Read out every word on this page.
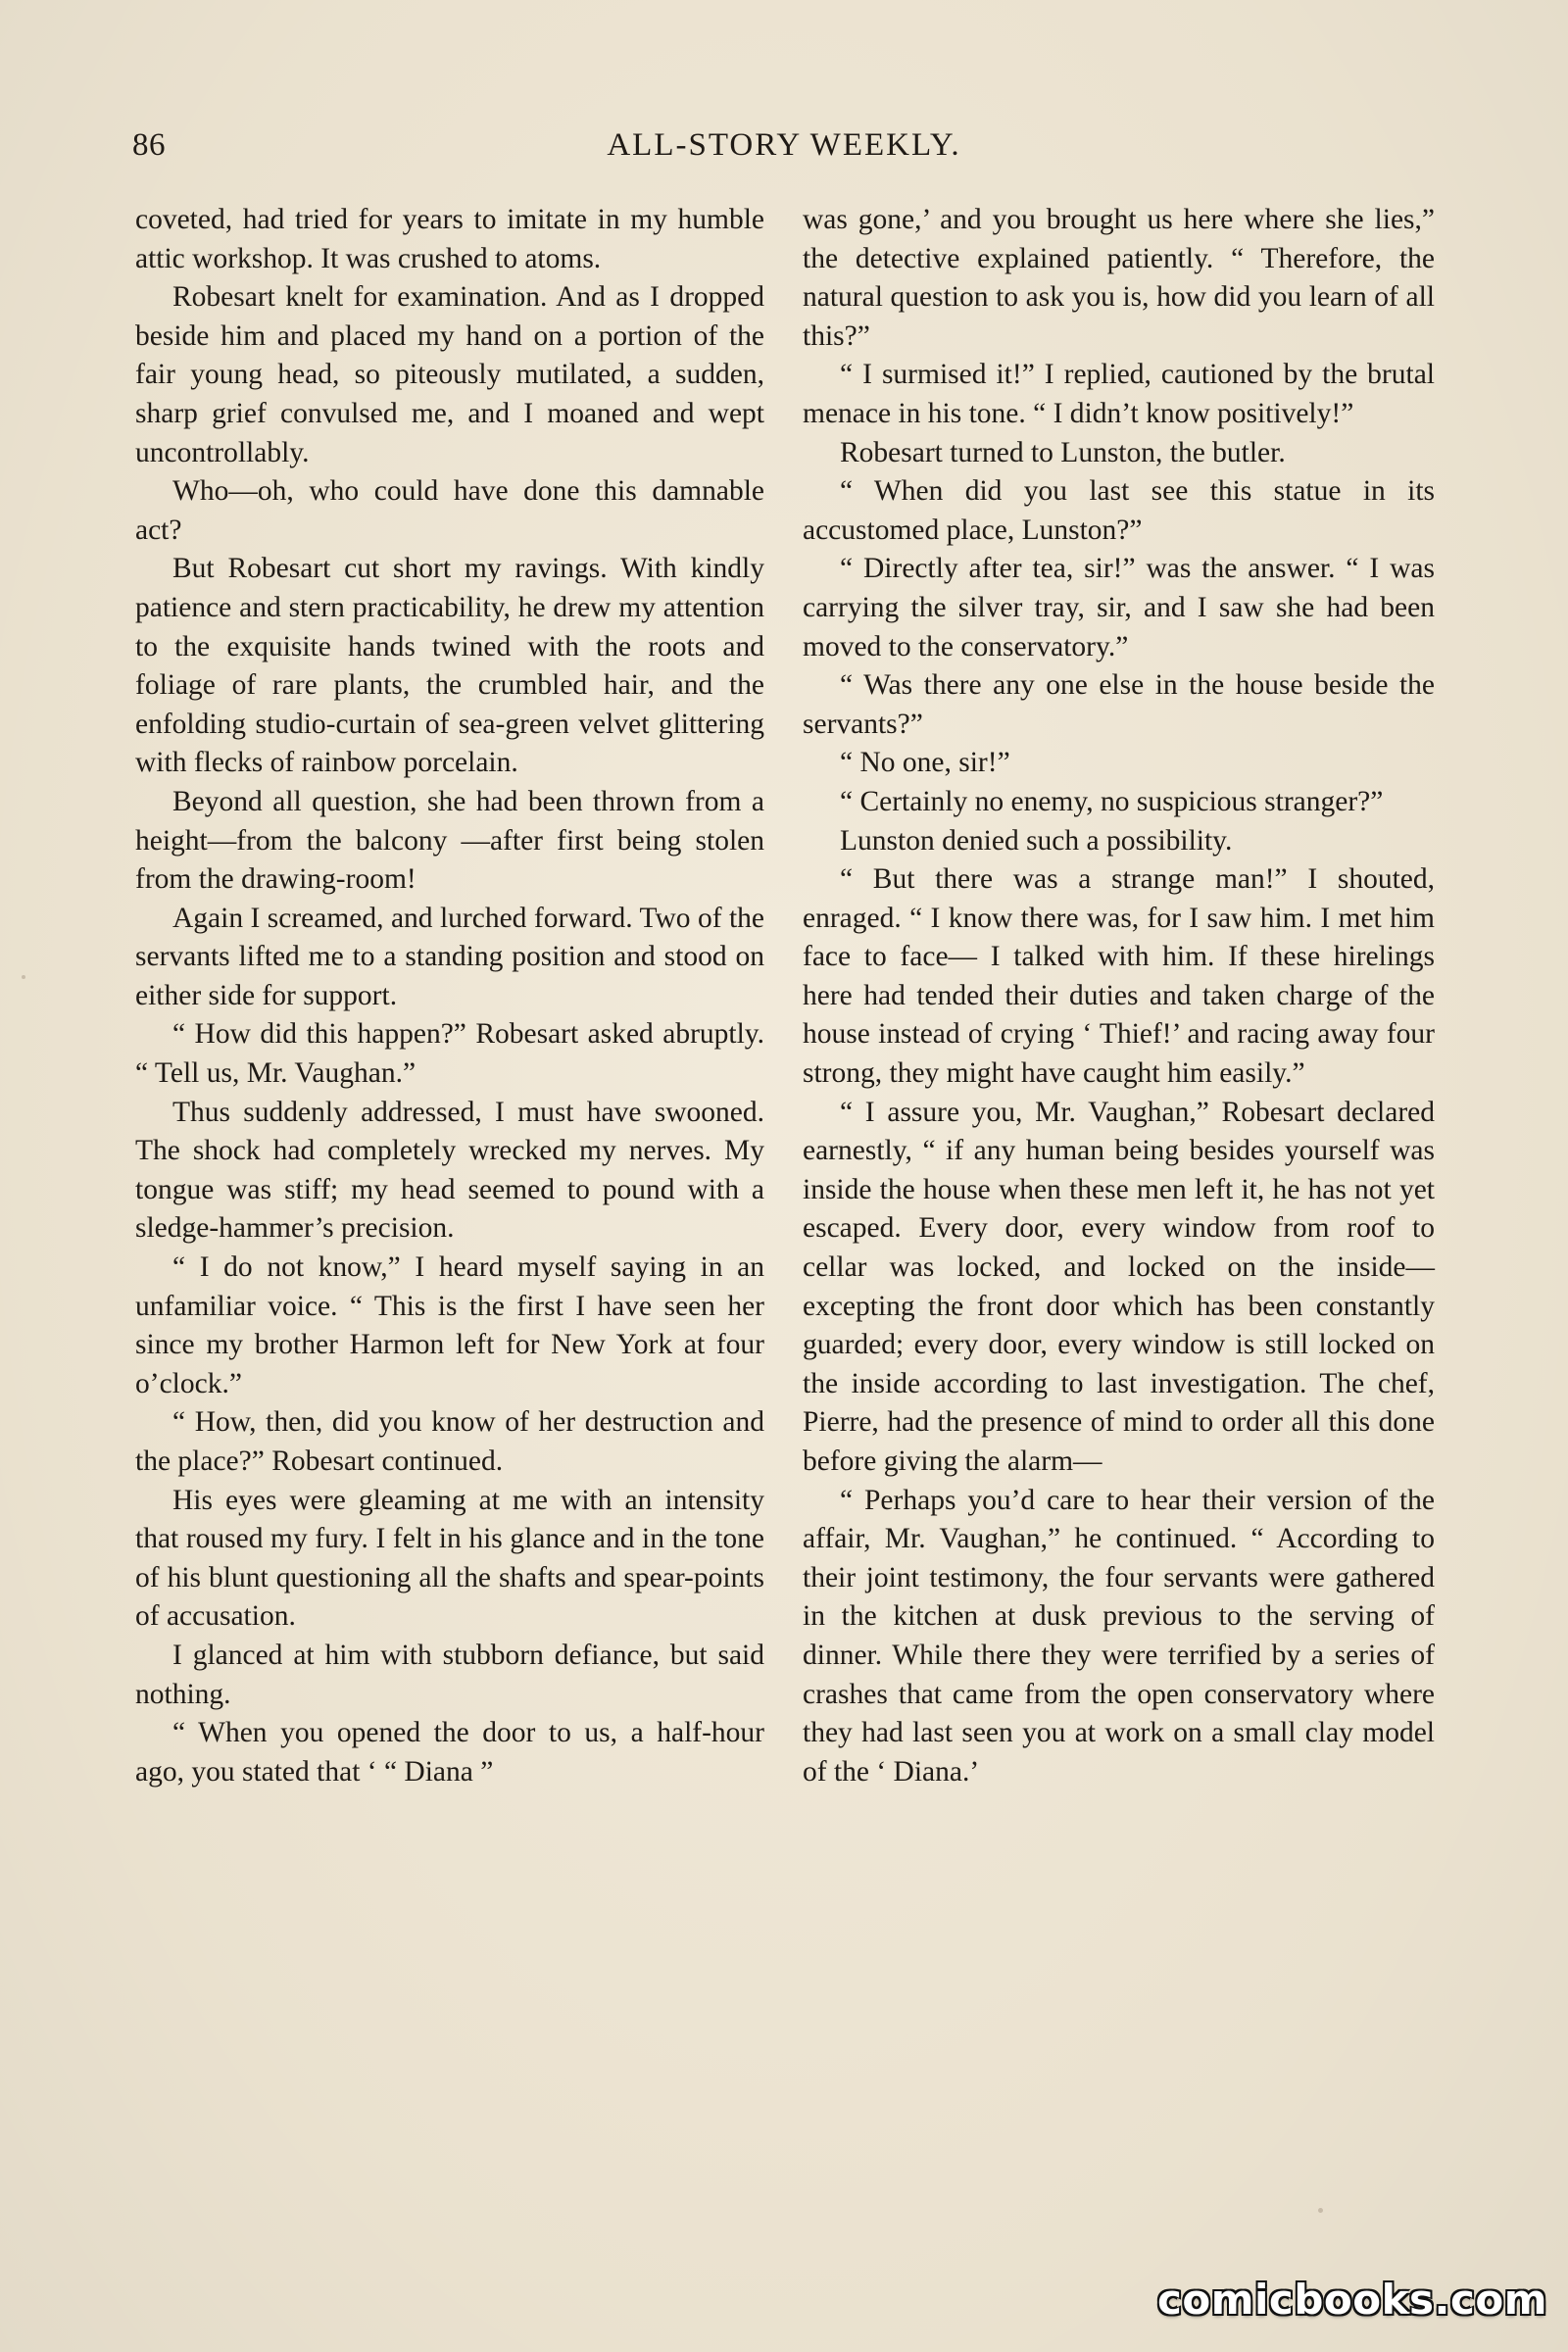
86	ALL-STORY WEEKLY.

coveted, had tried for years to imitate in my humble attic workshop. It was crushed to atoms.

Robesart knelt for examination. And as I dropped beside him and placed my hand on a portion of the fair young head, so piteously mutilated, a sudden, sharp grief convulsed me, and I moaned and wept uncontrollably.

Who—oh, who could have done this damnable act?

But Robesart cut short my ravings. With kindly patience and stern practicability, he drew my attention to the exquisite hands twined with the roots and foliage of rare plants, the crumbled hair, and the enfolding studio-curtain of sea-green velvet glittering with flecks of rainbow porcelain.

Beyond all question, she had been thrown from a height—from the balcony —after first being stolen from the drawing-room!

Again I screamed, and lurched forward. Two of the servants lifted me to a standing position and stood on either side for support.

“ How did this happen?” Robesart asked abruptly. “ Tell us, Mr. Vaughan.”

Thus suddenly addressed, I must have swooned. The shock had completely wrecked my nerves. My tongue was stiff; my head seemed to pound with a sledge-hammer’s precision.

“ I do not know,” I heard myself saying in an unfamiliar voice. “ This is the first I have seen her since my brother Harmon left for New York at four o’clock.”

“ How, then, did you know of her destruction and the place?” Robesart continued.

His eyes were gleaming at me with an intensity that roused my fury. I felt in his glance and in the tone of his blunt questioning all the shafts and spear-points of accusation.

I glanced at him with stubborn defiance, but said nothing.

“ When you opened the door to us, a half-hour ago, you stated that ‘ “ Diana ”

was gone,’ and you brought us here where she lies,” the detective explained patiently. “ Therefore, the natural question to ask you is, how did you learn of all this?”

“ I surmised it!” I replied, cautioned by the brutal menace in his tone. “ I didn’t know positively!”

Robesart turned to Lunston, the butler.

“ When did you last see this statue in its accustomed place, Lunston?”

“ Directly after tea, sir!” was the answer. “ I was carrying the silver tray, sir, and I saw she had been moved to the conservatory.”

“ Was there any one else in the house beside the servants?”

“ No one, sir!”

“ Certainly no enemy, no suspicious stranger?”

Lunston denied such a possibility.

“ But there was a strange man!” I shouted, enraged. “ I know there was, for I saw him. I met him face to face— I talked with him. If these hirelings here had tended their duties and taken charge of the house instead of crying ‘ Thief!’ and racing away four strong, they might have caught him easily.”

“ I assure you, Mr. Vaughan,” Robesart declared earnestly, “ if any human being besides yourself was inside the house when these men left it, he has not yet escaped. Every door, every window from roof to cellar was locked, and locked on the inside—excepting the front door which has been constantly guarded; every door, every window is still locked on the inside according to last investigation. The chef, Pierre, had the presence of mind to order all this done before giving the alarm—

“ Perhaps you’d care to hear their version of the affair, Mr. Vaughan,” he continued. “ According to their joint testimony, the four servants were gathered in the kitchen at dusk previous to the serving of dinner. While there they were terrified by a series of crashes that came from the open conservatory where they had last seen you at work on a small clay model of the ‘ Diana.’

comicbooks.com
